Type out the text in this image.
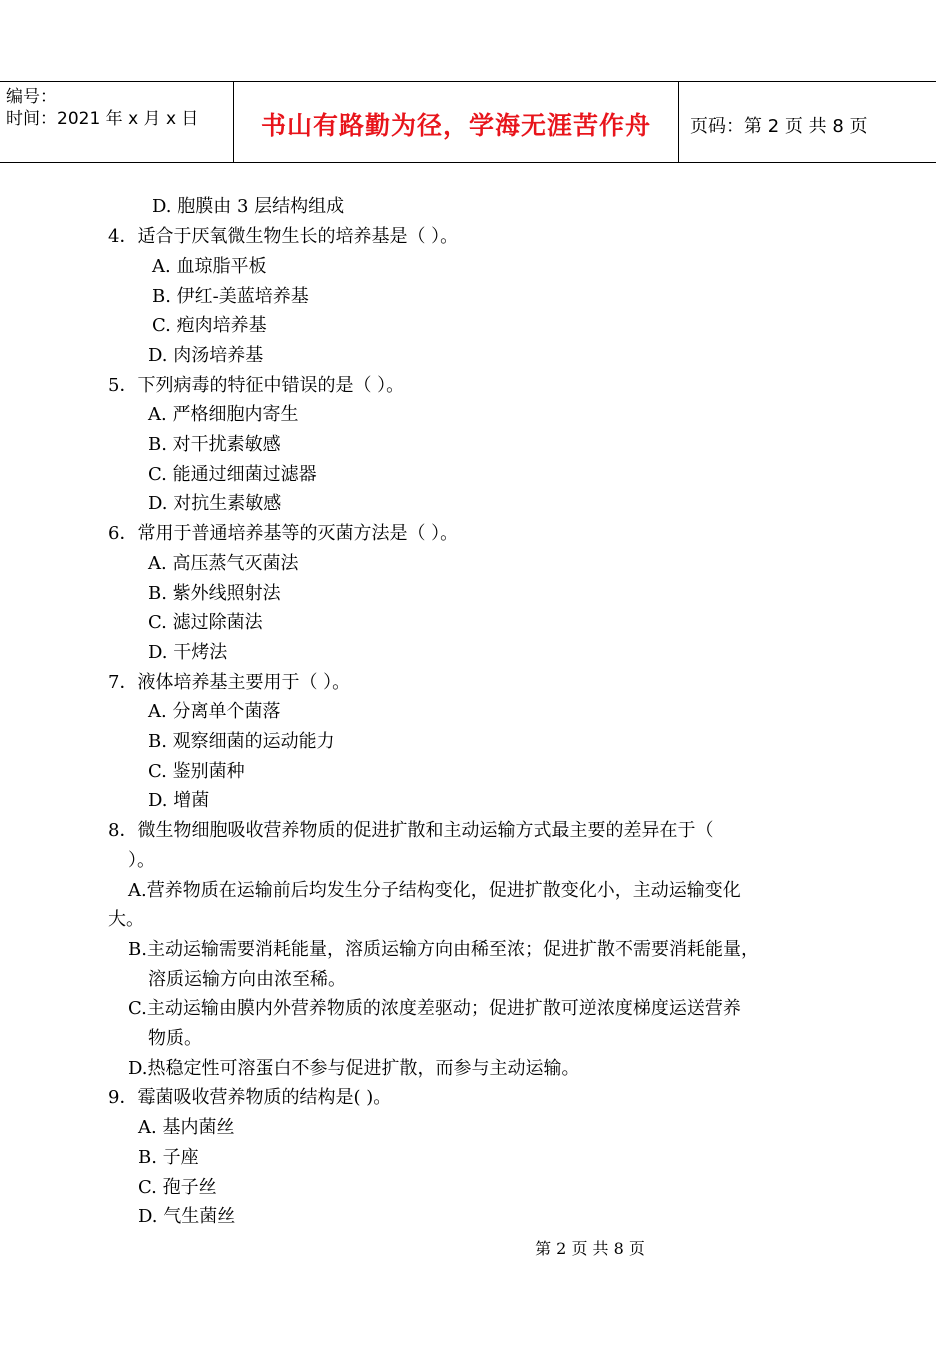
编号：
时间：2021 年 x 月 x 日	书山有路勤为径，学海无涯苦作舟	页码：第 2 页 共 8 页
D. 胞膜由 3 层结构组成
4．适合于厌氧微生物生长的培养基是（ ）。
A. 血琼脂平板
B. 伊红-美蓝培养基
C. 疱肉培养基
D. 肉汤培养基
5．下列病毒的特征中错误的是（ ）。
A. 严格细胞内寄生
B. 对干扰素敏感
C. 能通过细菌过滤器
D. 对抗生素敏感
6．常用于普通培养基等的灭菌方法是（ ）。
A. 高压蒸气灭菌法
B. 紫外线照射法
C. 滤过除菌法
D. 干烤法
7．液体培养基主要用于（ ）。
A. 分离单个菌落
B. 观察细菌的运动能力
C. 鉴别菌种
D. 增菌
8．微生物细胞吸收营养物质的促进扩散和主动运输方式最主要的差异在于（
）。
A.营养物质在运输前后均发生分子结构变化，促进扩散变化小，主动运输变化
大。
B.主动运输需要消耗能量，溶质运输方向由稀至浓；促进扩散不需要消耗能量，
溶质运输方向由浓至稀。
C.主动运输由膜内外营养物质的浓度差驱动；促进扩散可逆浓度梯度运送营养
物质。
D.热稳定性可溶蛋白不参与促进扩散，而参与主动运输。
9．霉菌吸收营养物质的结构是( )。
A. 基内菌丝
B. 子座
C. 孢子丝
D. 气生菌丝
第 2 页 共 8 页
